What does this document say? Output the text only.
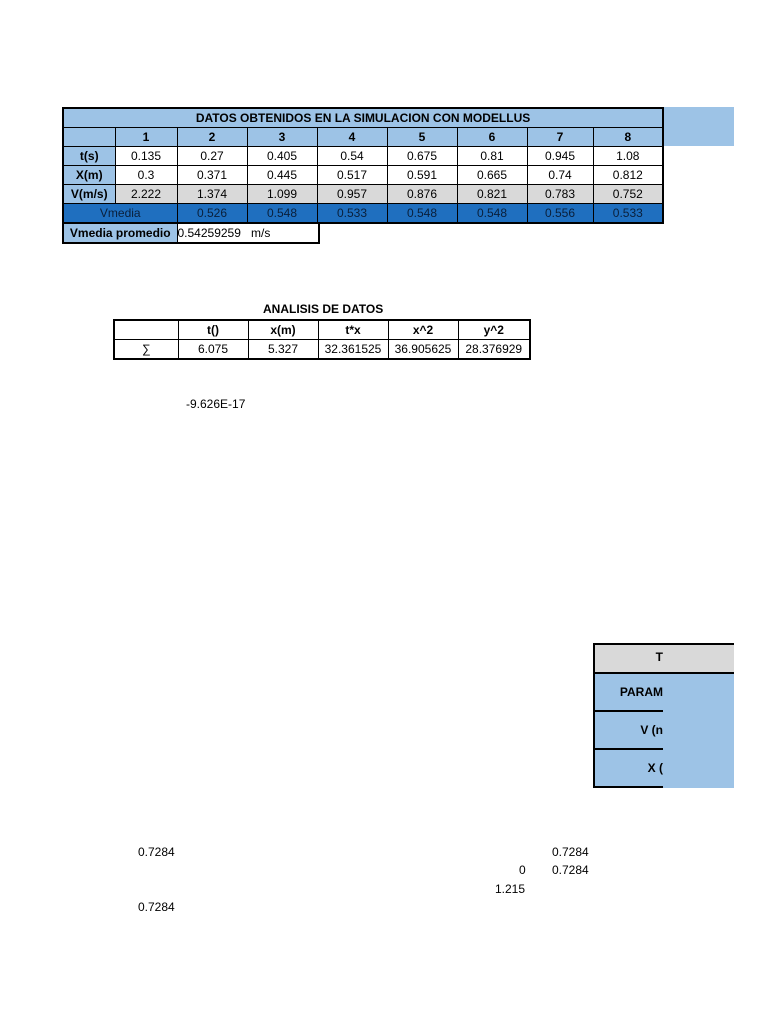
DATOS OBTENIDOS EN LA SIMULACION CON MODELLUS								
	1	2	3	4	5	6	7	8
t(s)	0.135	0.27	0.405	0.54	0.675	0.81	0.945	1.08
X(m)	0.3	0.371	0.445	0.517	0.591	0.665	0.74	0.812
V(m/s)	2.222	1.374	1.099	0.957	0.876	0.821	0.783	0.752
Vmedia		0.526	0.548	0.533	0.548	0.548	0.556	0.533
Vmedia promedio	0.54259259	m/s
ANALISIS DE DATOS
	t()	x(m)	t*x	x^2	y^2
∑	6.075	5.327	32.361525	36.905625	28.376929
-9.626E-17
T
PARAM
V (n
X (
0.7284	0.7284
0 0.7284
1.215
0.7284
